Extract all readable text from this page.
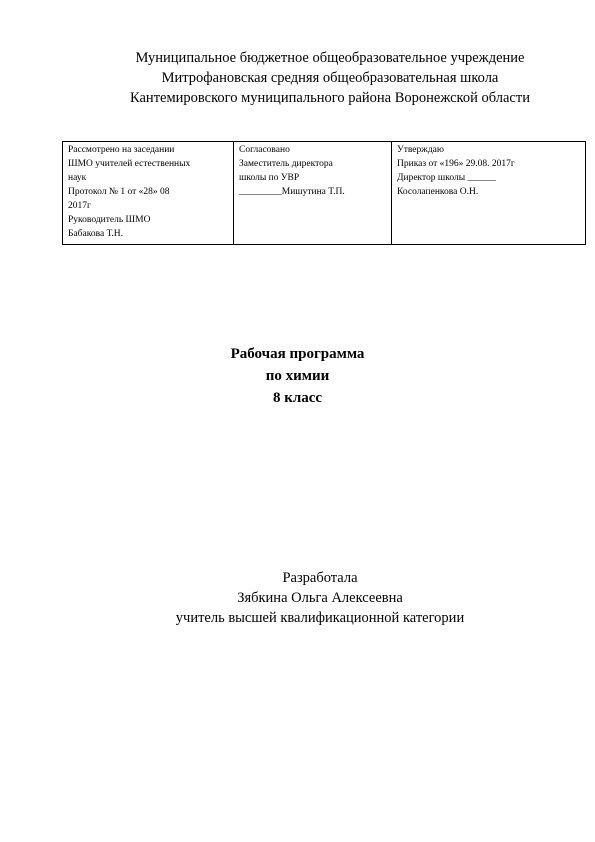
Муниципальное бюджетное общеобразовательное учреждение
Митрофановская средняя общеобразовательная школа
Кантемировского муниципального района Воронежской области
Рассмотрено на заседании
ШМО учителей естественных
наук
Протокол № 1 от «28» 08
2017г
Руководитель ШМО
Бабакова Т.Н.

Согласовано
Заместитель директора
школы по УВР
_________Мишутина Т.П.

Утверждаю
Приказ от «196» 29.08. 2017г
Директор школы ______
Косолапенкова О.Н.
Рабочая программа
по химии
8 класс
Разработала
Зябкина Ольга Алексеевна
учитель высшей квалификационной категории
